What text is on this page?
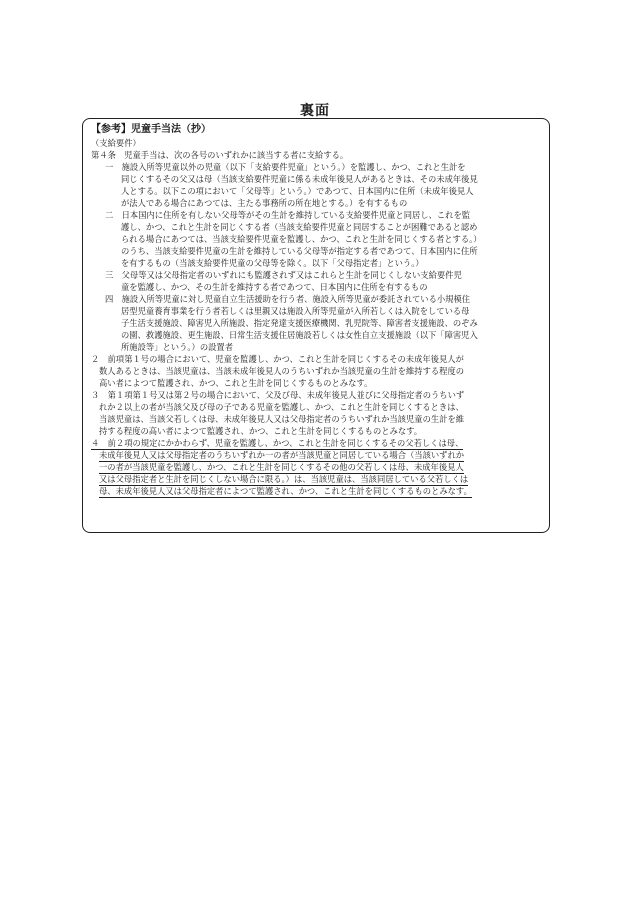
裏面
【参考】児童手当法（抄）
（支給要件）
第４条　児童手当は、次の各号のいずれかに該当する者に支給する。
一　施設入所等児童以外の児童（以下「支給要件児童」という。）を監護し、かつ、これと生計を
同じくするその父又は母（当該支給要件児童に係る未成年後見人があるときは、その未成年後見
人とする。以下この項において「父母等」という。）であつて、日本国内に住所（未成年後見人
が法人である場合にあつては、主たる事務所の所在地とする。）を有するもの
二　日本国内に住所を有しない父母等がその生計を維持している支給要件児童と同居し、これを監
護し、かつ、これと生計を同じくする者（当該支給要件児童と同居することが困難であると認め
られる場合にあつては、当該支給要件児童を監護し、かつ、これと生計を同じくする者とする。）
のうち、当該支給要件児童の生計を維持している父母等が指定する者であつて、日本国内に住所
を有するもの（当該支給要件児童の父母等を除く。以下「父母指定者」という。）
三　父母等又は父母指定者のいずれにも監護されず又はこれらと生計を同じくしない支給要件児
童を監護し、かつ、その生計を維持する者であつて、日本国内に住所を有するもの
四　施設入所等児童に対し児童自立生活援助を行う者、施設入所等児童が委託されている小規模住
居型児童養育事業を行う者若しくは里親又は施設入所等児童が入所若しくは入院をしている母
子生活支援施設、障害児入所施設、指定発達支援医療機関、乳児院等、障害者支援施設、のぞみ
の園、救護施設、更生施設、日常生活支援住居施設若しくは女性自立支援施設（以下「障害児入
所施設等」という。）の設置者
２　前項第１号の場合において、児童を監護し、かつ、これと生計を同じくするその未成年後見人が
数人あるときは、当該児童は、当該未成年後見人のうちいずれか当該児童の生計を維持する程度の
高い者によつて監護され、かつ、これと生計を同じくするものとみなす。
３　第１項第１号又は第２号の場合において、父及び母、未成年後見人並びに父母指定者のうちいず
れか２以上の者が当該父及び母の子である児童を監護し、かつ、これと生計を同じくするときは、
当該児童は、当該父若しくは母、未成年後見人又は父母指定者のうちいずれか当該児童の生計を維
持する程度の高い者によつて監護され、かつ、これと生計を同じくするものとみなす。
４　前２項の規定にかかわらず、児童を監護し、かつ、これと生計を同じくするその父若しくは母、
未成年後見人又は父母指定者のうちいずれか一の者が当該児童と同居している場合（当該いずれか
一の者が当該児童を監護し、かつ、これと生計を同じくするその他の父若しくは母、未成年後見人
又は父母指定者と生計を同じくしない場合に限る。）は、当該児童は、当該同居している父若しくは
母、未成年後見人又は父母指定者によつて監護され、かつ、これと生計を同じくするものとみなす。
